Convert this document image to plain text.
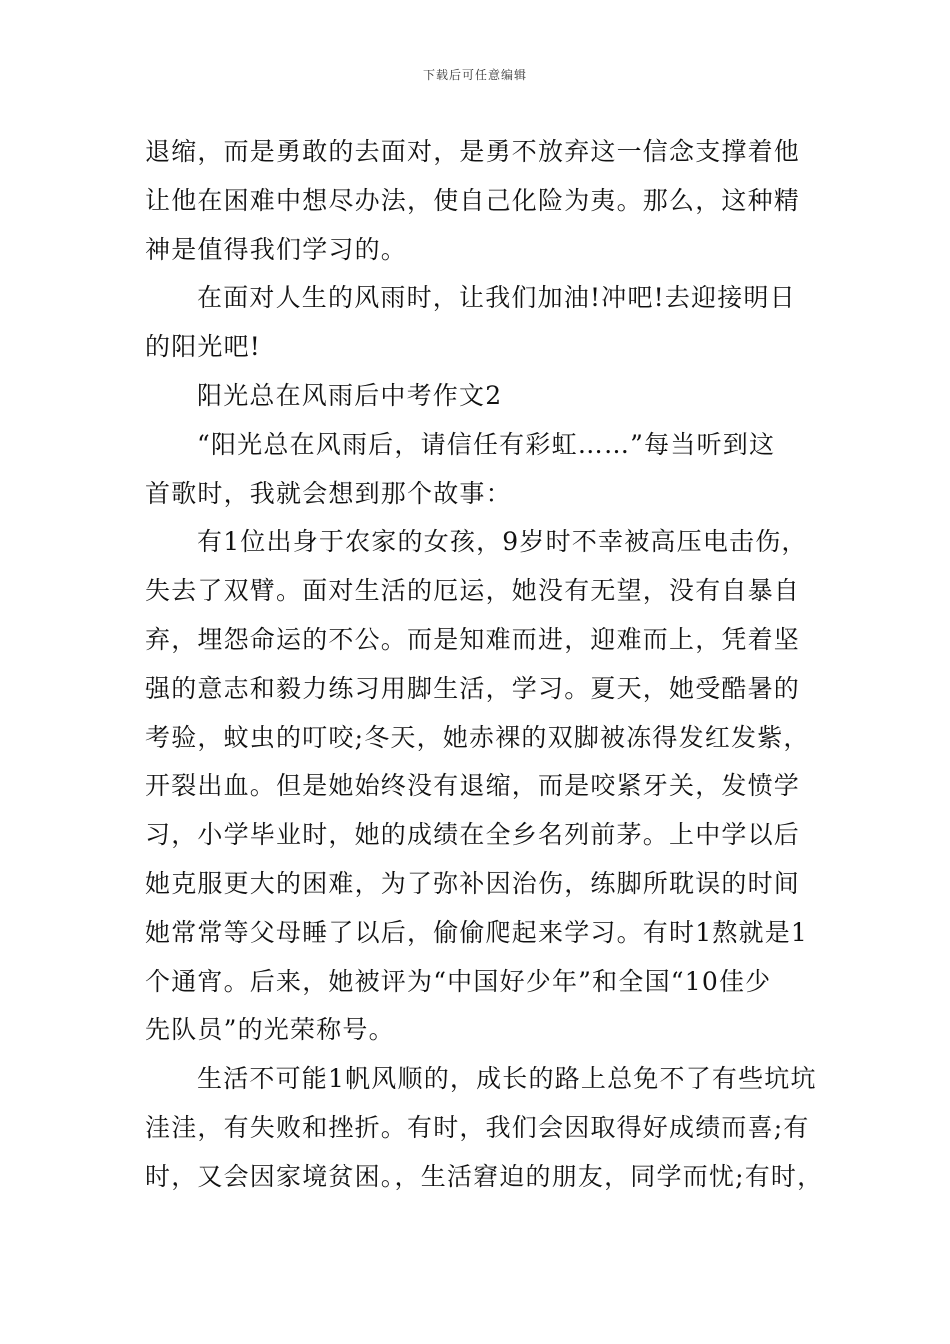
下载后可任意编辑
退缩，而是勇敢的去面对，是勇不放弃这一信念支撑着他
让他在困难中想尽办法，使自己化险为夷。那么，这种精
神是值得我们学习的。
在面对人生的风雨时，让我们加油!冲吧!去迎接明日
的阳光吧!
阳光总在风雨后中考作文2
“阳光总在风雨后，请信任有彩虹……”每当听到这
首歌时，我就会想到那个故事：
有1位出身于农家的女孩，9岁时不幸被高压电击伤，
失去了双臂。面对生活的厄运，她没有无望，没有自暴自
弃，埋怨命运的不公。而是知难而进，迎难而上，凭着坚
强的意志和毅力练习用脚生活，学习。夏天，她受酷暑的
考验，蚊虫的叮咬;冬天，她赤裸的双脚被冻得发红发紫，
开裂出血。但是她始终没有退缩，而是咬紧牙关，发愤学
习，小学毕业时，她的成绩在全乡名列前茅。上中学以后
她克服更大的困难，为了弥补因治伤，练脚所耽误的时间
她常常等父母睡了以后，偷偷爬起来学习。有时1熬就是1
个通宵。后来，她被评为“中国好少年”和全国“10佳少
先队员”的光荣称号。
生活不可能1帆风顺的，成长的路上总免不了有些坑坑
洼洼，有失败和挫折。有时，我们会因取得好成绩而喜;有
时，又会因家境贫困。，生活窘迫的朋友，同学而忧;有时，
